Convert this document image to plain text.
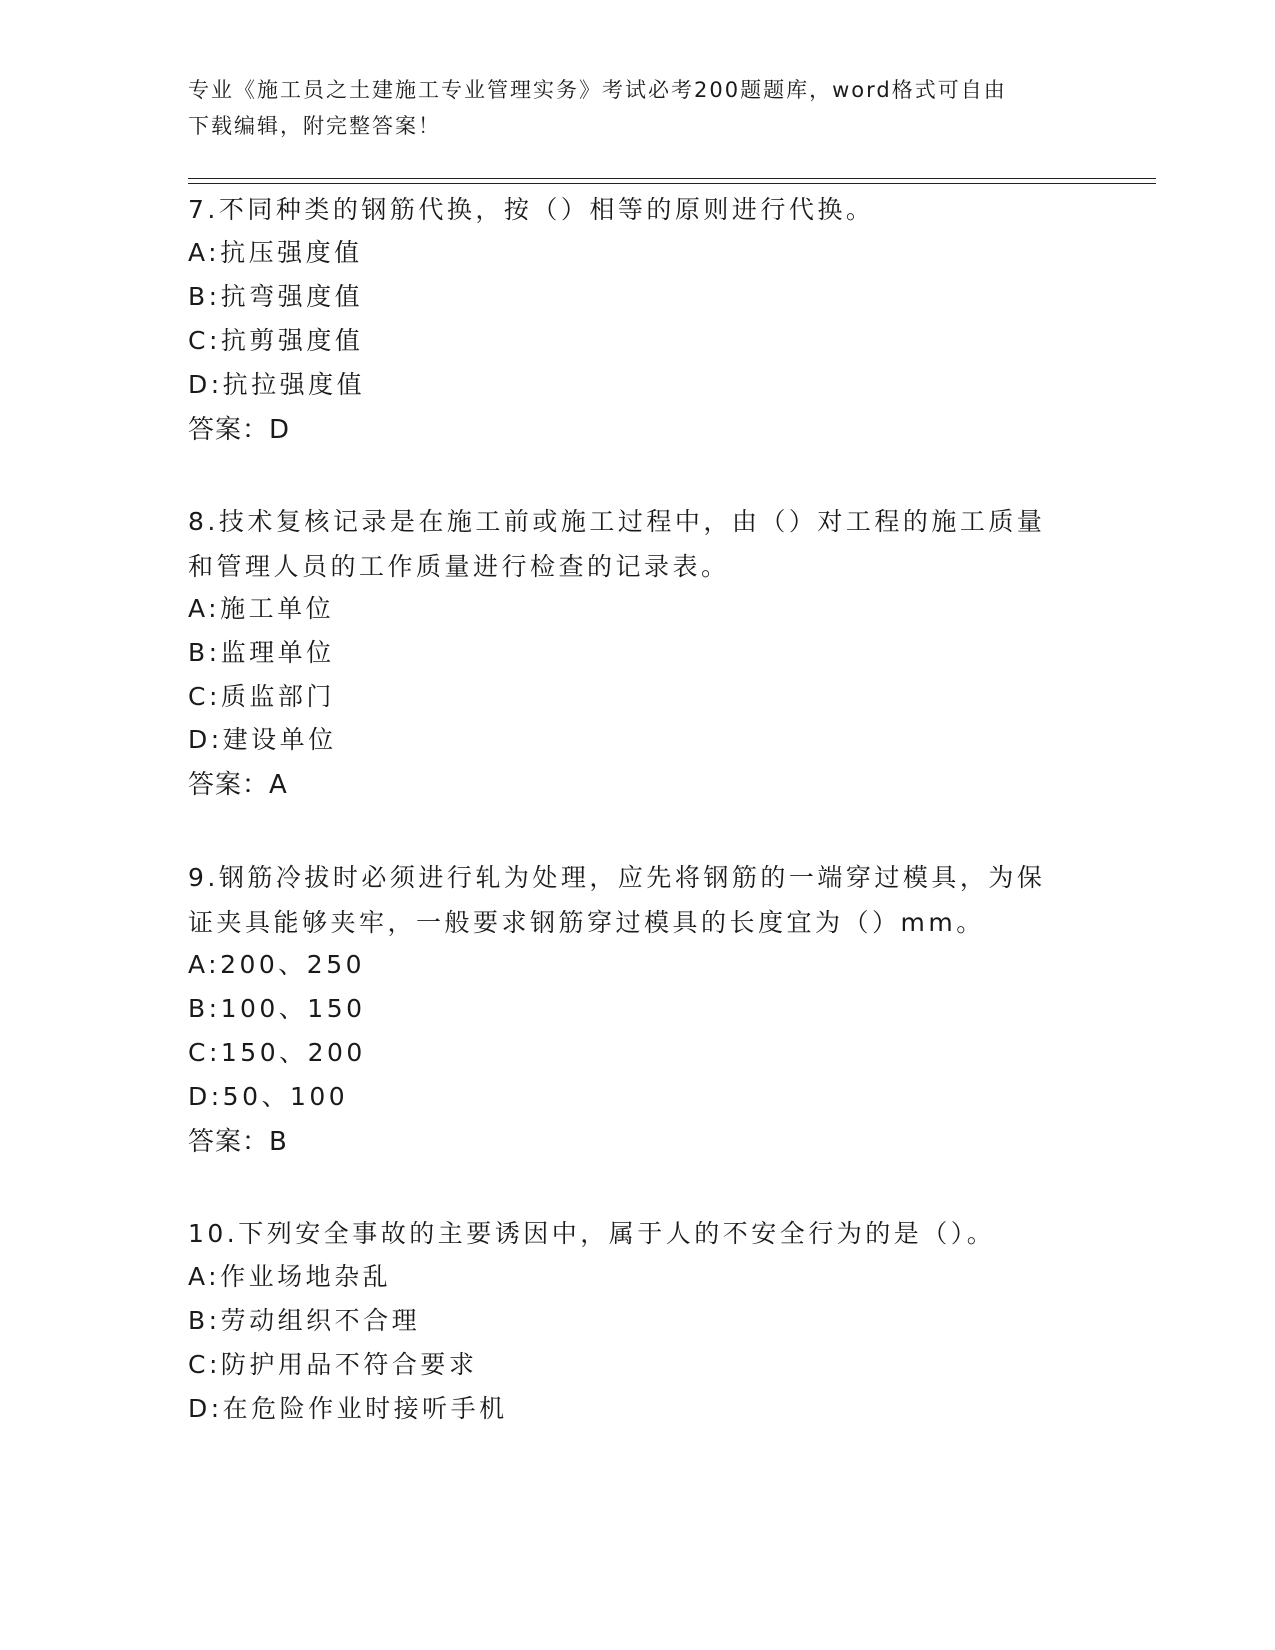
专业《施工员之土建施工专业管理实务》考试必考200题题库，word格式可自由
下载编辑，附完整答案！
7.不同种类的钢筋代换，按（）相等的原则进行代换。
A:抗压强度值
B:抗弯强度值
C:抗剪强度值
D:抗拉强度值
答案：D
8.技术复核记录是在施工前或施工过程中，由（）对工程的施工质量
和管理人员的工作质量进行检查的记录表。
A:施工单位
B:监理单位
C:质监部门
D:建设单位
答案：A
9.钢筋冷拔时必须进行轧为处理，应先将钢筋的一端穿过模具，为保
证夹具能够夹牢，一般要求钢筋穿过模具的长度宜为（）mm。
A:200、250
B:100、150
C:150、200
D:50、100
答案：B
10.下列安全事故的主要诱因中，属于人的不安全行为的是（）。
A:作业场地杂乱
B:劳动组织不合理
C:防护用品不符合要求
D:在危险作业时接听手机
